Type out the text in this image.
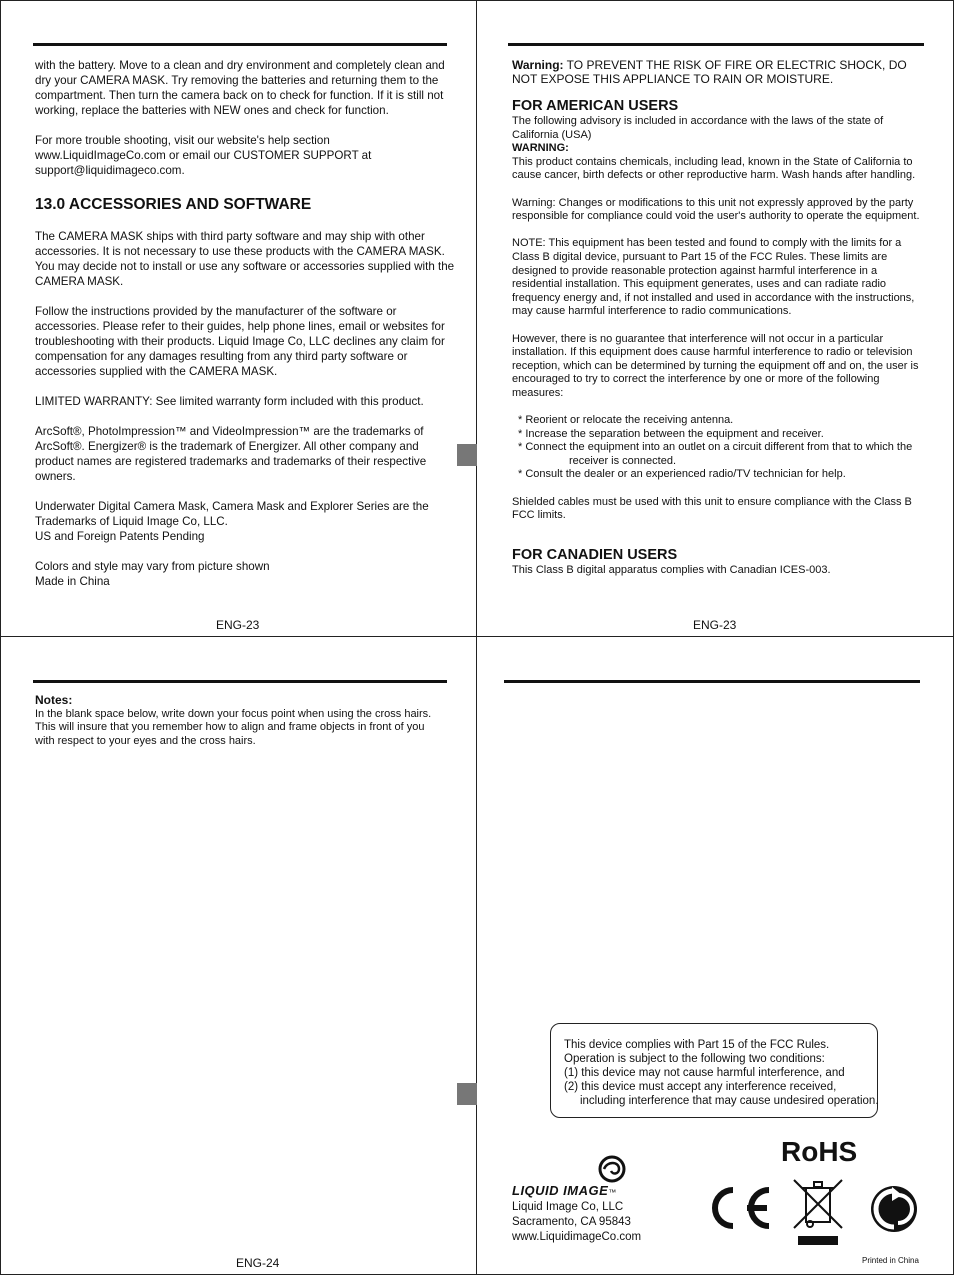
with the battery. Move to a clean and dry environment and completely clean and dry your CAMERA MASK. Try removing the batteries and returning them to the compartment. Then turn the camera back on to check for function. If it is still not working, replace the batteries with NEW ones and check for function.

For more trouble shooting, visit our website's help section www.LiquidImageCo.com or email our CUSTOMER SUPPORT at support@liquidimageco.com.

13.0 ACCESSORIES AND SOFTWARE

The CAMERA MASK ships with third party software and may ship with other accessories. It is not necessary to use these products with the CAMERA MASK. You may decide not to install or use any software or accessories supplied with the CAMERA MASK.

Follow the instructions provided by the manufacturer of the software or accessories. Please refer to their guides, help phone lines, email or websites for troubleshooting with their products. Liquid Image Co, LLC declines any claim for compensation for any damages resulting from any third party software or accessories supplied with the CAMERA MASK.

LIMITED WARRANTY: See limited warranty form included with this product.

ArcSoft®, PhotoImpression™ and VideoImpression™ are the trademarks of ArcSoft®. Energizer® is the trademark of Energizer. All other company and product names are registered trademarks and trademarks of their respective owners.

Underwater Digital Camera Mask, Camera Mask and Explorer Series are the Trademarks of Liquid Image Co, LLC.

US and Foreign Patents Pending

Colors and style may vary from picture shown

Made in China

ENG-23

Warning: TO PREVENT THE RISK OF FIRE OR ELECTRIC SHOCK, DO NOT EXPOSE THIS APPLIANCE TO RAIN OR MOISTURE.

FOR AMERICAN USERS
The following advisory is included in accordance with the laws of the state of California (USA)
WARNING:

This product contains chemicals, including lead, known in the State of California to cause cancer, birth defects or other reproductive harm. Wash hands after handling.

Warning: Changes or modifications to this unit not expressly approved by the party responsible for compliance could void the user's authority to operate the equipment.

NOTE: This equipment has been tested and found to comply with the limits for a Class B digital device, pursuant to Part 15 of the FCC Rules. These limits are designed to provide reasonable protection against harmful interference in a residential installation. This equipment generates, uses and can radiate radio frequency energy and, if not installed and used in accordance with the instructions, may cause harmful interference to radio communications.

However, there is no guarantee that interference will not occur in a particular installation. If this equipment does cause harmful interference to radio or television reception, which can be determined by turning the equipment off and on, the user is encouraged to try to correct the interference by one or more of the following measures:

* Reorient or relocate the receiving antenna.
* Increase the separation between the equipment and receiver.
* Connect the equipment into an outlet on a circuit different from that to which the
receiver is connected.

* Consult the dealer or an experienced radio/TV technician for help.

Shielded cables must be used with this unit to ensure compliance with the Class B FCC limits.

FOR CANADIEN USERS
This Class B digital apparatus complies with Canadian ICES-003.
ENG-23
Notes:
In the blank space below, write down your focus point when using the cross hairs. This will insure that you remember how to align and frame objects in front of you with respect to your eyes and the cross hairs.
ENG-24
This device complies with Part 15 of the FCC Rules.
Operation is subject to the following two conditions:
(1) this device may not cause harmful interference, and
(2) this device must accept any interference received,
including interference that may cause undesired operation.
LIQUID IMAGE™
Liquid Image Co, LLC
Sacramento, CA 95843
www.LiquidimageCo.com
RoHS
Printed in China
